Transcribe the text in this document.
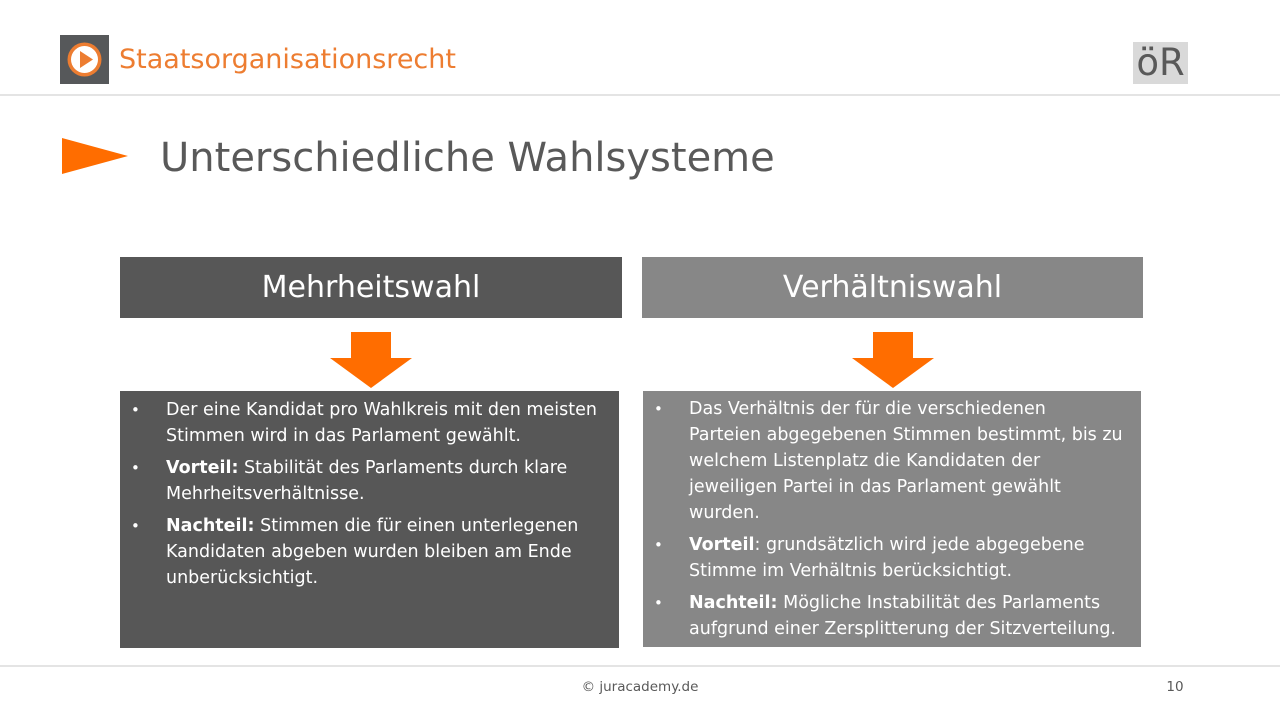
Staatsorganisationsrecht	öR
Unterschiedliche Wahlsysteme
Mehrheitswahl	Verhältniswahl
• Der eine Kandidat pro Wahlkreis mit den meisten Stimmen wird in das Parlament gewählt.
• Vorteil: Stabilität des Parlaments durch klare Mehrheitsverhältnisse.
• Nachteil: Stimmen die für einen unterlegenen Kandidaten abgeben wurden bleiben am Ende unberücksichtigt.
• Das Verhältnis der für die verschiedenen Parteien abgegebenen Stimmen bestimmt, bis zu welchem Listenplatz die Kandidaten der jeweiligen Partei in das Parlament gewählt wurden.
• Vorteil: grundsätzlich wird jede abgegebene Stimme im Verhältnis berücksichtigt.
• Nachteil: Mögliche Instabilität des Parlaments aufgrund einer Zersplitterung der Sitzverteilung.
© juracademy.de	10
